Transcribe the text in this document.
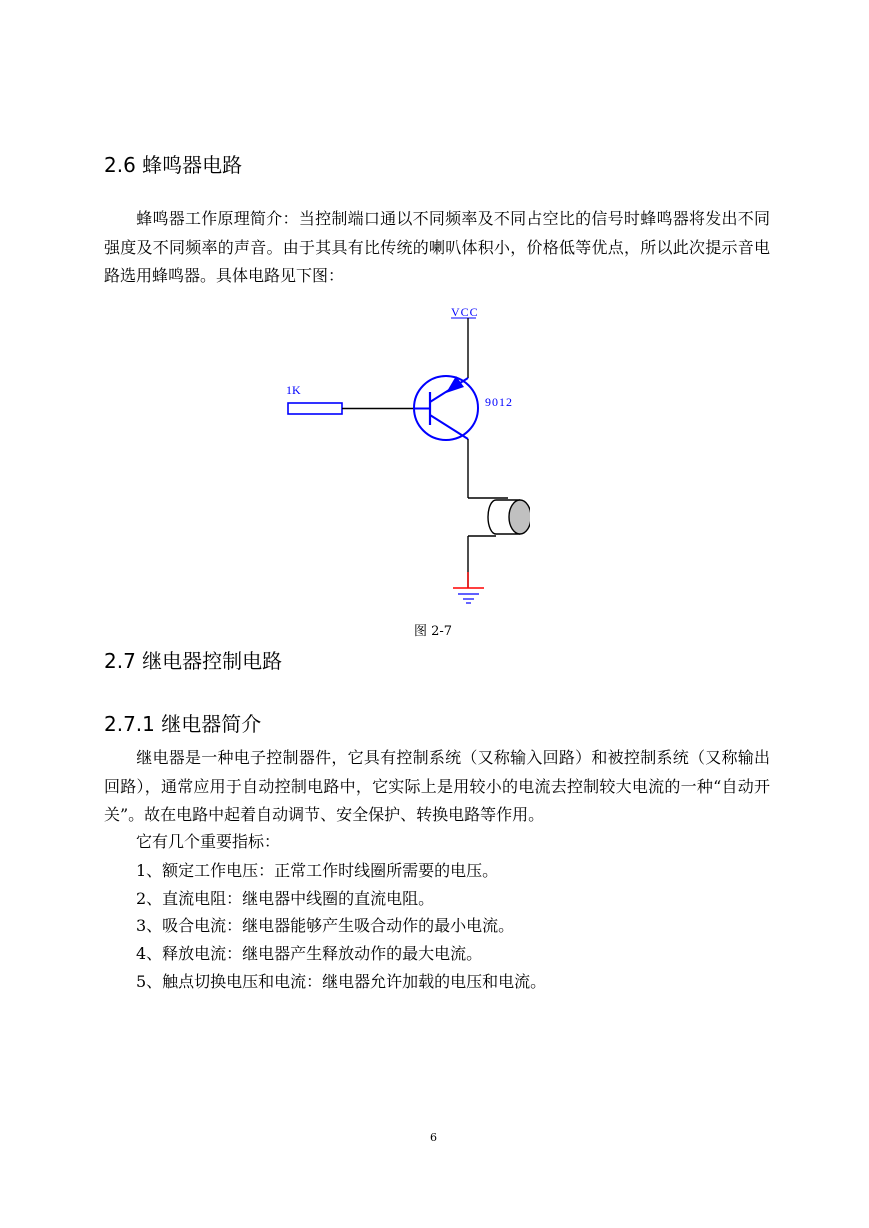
2.6 蜂鸣器电路
蜂鸣器工作原理简介：当控制端口通以不同频率及不同占空比的信号时蜂鸣器将发出不同强度及不同频率的声音。由于其具有比传统的喇叭体积小，价格低等优点，所以此次提示音电路选用蜂鸣器。具体电路见下图：
VCC
1K
9012
图 2-7
2.7 继电器控制电路
2.7.1 继电器简介
继电器是一种电子控制器件，它具有控制系统（又称输入回路）和被控制系统（又称输出回路），通常应用于自动控制电路中，它实际上是用较小的电流去控制较大电流的一种“自动开关”。故在电路中起着自动调节、安全保护、转换电路等作用。
它有几个重要指标：
1、额定工作电压：正常工作时线圈所需要的电压。
2、直流电阻：继电器中线圈的直流电阻。
3、吸合电流：继电器能够产生吸合动作的最小电流。
4、释放电流：继电器产生释放动作的最大电流。
5、触点切换电压和电流：继电器允许加载的电压和电流。
6
